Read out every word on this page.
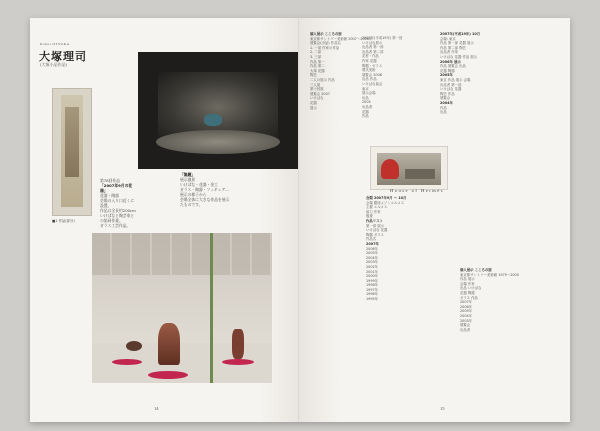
Kohei OTSUKA
大塚理司
(大塚小品作品)
■1 作品(部分)

第78回作品

「2007年9月の花器」

花器・陶器

会場の入り口近くに設置。

作品は全長約200cm

いけばなと陶芸家との協同作業。

ガラス工芸作品。

「無題」

展示風景

いけばな・花器・金工

ガラス・陶器・フィギュア…

展示の様子から

会場全体に大きな作品を展示

たものです。

14

個人展示 こころの旅

東京都サントリー美術館 2007〜2008年

展覧会(出品) 作品名

1. 一部 作家の作品

2. 二部

3. 三部

作品 第一

作品 第二

大塚 花器

陶芸

二人の展示 作品

三人展

第十回展

展覧会 2007

いけばな

花器

展示

2007年(平成19年) 第一回

いけばな展示

出品者 第一部

出品者 第二部

花材・作品

作家 花器

陶器・ガラス

現代美術

展覧会 2006

出品 作品

いけばな協会

東京

展示会場

出品

2005

出品者

花器

作品

2007年(平成19年) 10月

会場: 東京

作品 第一部 花器 展示

作品 第二部 陶芸

出品者 作家

いけばな 花器 作品 展示

2006年 展示

作品 展覧会 出品

花器 陶器

2005年

東京 作品 展示 会場

出品者 第一部

いけばな 花器

陶芸 作品

展覧会

2004年

作品

出品

House of Hermès

会期 2007年9月 〜 10月

会場 銀座メゾンエルメス

主催 エルメス

協力 作家

後援

作品リスト

第一部 展示

いけばな 花器

陶器 ガラス

作品名

2007年

2006年

2005年

2004年

2003年

2002年

2001年

2000年

1999年

1998年

1997年

1996年

1995年

個人展示 こころの旅

東京都サントリー美術館 1979〜2000

作品 展示

会場 作家

出品 いけばな

花器 陶器

ガラス 作品

2007年

2006年

2005年

2004年

2003年

展覧会

出品者

15
